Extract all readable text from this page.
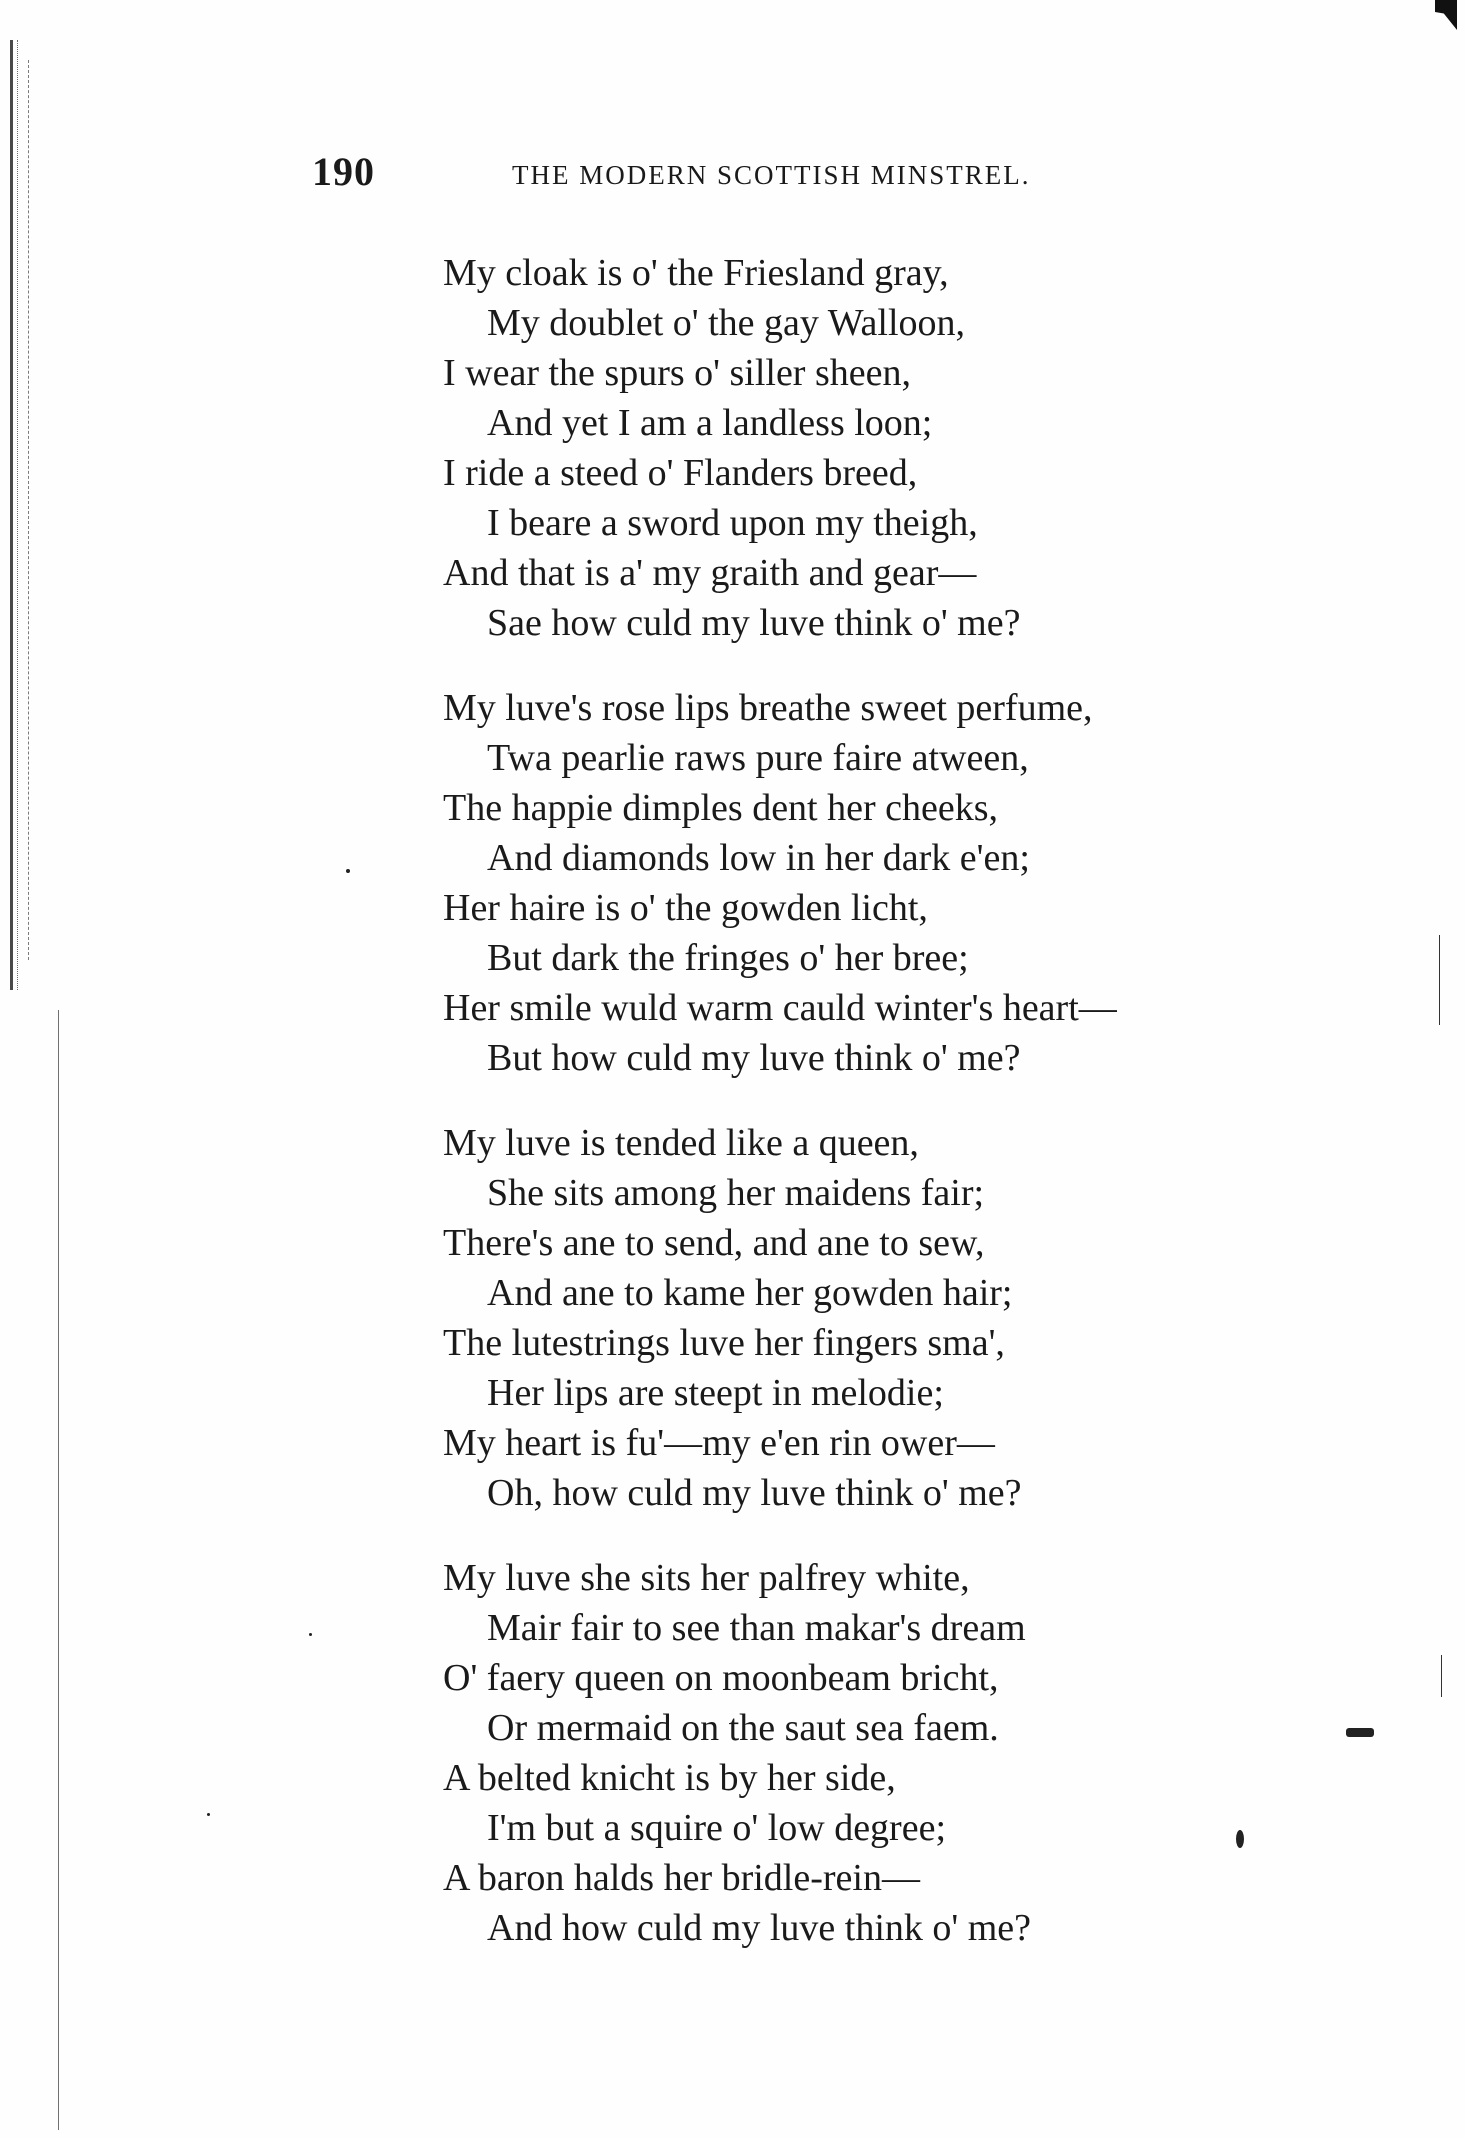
190	THE MODERN SCOTTISH MINSTREL.
My cloak is o' the Friesland gray,
My doublet o' the gay Walloon,
I wear the spurs o' siller sheen,
And yet I am a landless loon;
I ride a steed o' Flanders breed,
I beare a sword upon my theigh,
And that is a' my graith and gear—
Sae how culd my luve think o' me?
My luve's rose lips breathe sweet perfume,
Twa pearlie raws pure faire atween,
The happie dimples dent her cheeks,
And diamonds low in her dark e'en;
Her haire is o' the gowden licht,
But dark the fringes o' her bree;
Her smile wuld warm cauld winter's heart—
But how culd my luve think o' me?
My luve is tended like a queen,
She sits among her maidens fair;
There's ane to send, and ane to sew,
And ane to kame her gowden hair;
The lutestrings luve her fingers sma',
Her lips are steept in melodie;
My heart is fu'—my e'en rin ower—
Oh, how culd my luve think o' me?
My luve she sits her palfrey white,
Mair fair to see than makar's dream
O' faery queen on moonbeam bricht,
Or mermaid on the saut sea faem.
A belted knicht is by her side,
I'm but a squire o' low degree;
A baron halds her bridle-rein—
And how culd my luve think o' me?
